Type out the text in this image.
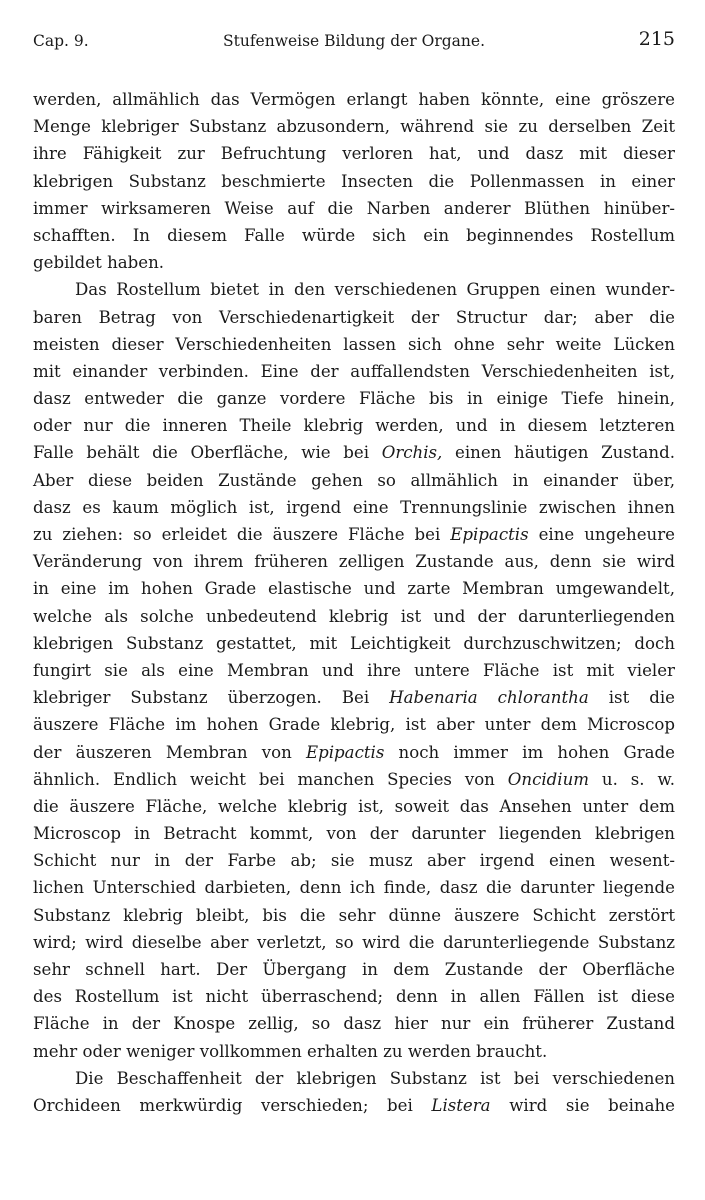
Cap. 9.	Stufenweise Bildung der Organe.	215
werden, allmählich das Vermögen erlangt haben könnte, eine gröszere
Menge klebriger Substanz abzusondern, während sie zu derselben Zeit
ihre Fähigkeit zur Befruchtung verloren hat, und dasz mit dieser
klebrigen Substanz beschmierte Insecten die Pollenmassen in einer
immer wirksameren Weise auf die Narben anderer Blüthen hinüber-
schafften. In diesem Falle würde sich ein beginnendes Rostellum
gebildet haben.
Das Rostellum bietet in den verschiedenen Gruppen einen wunder-
baren Betrag von Verschiedenartigkeit der Structur dar; aber die
meisten dieser Verschiedenheiten lassen sich ohne sehr weite Lücken
mit einander verbinden. Eine der auffallendsten Verschiedenheiten ist,
dasz entweder die ganze vordere Fläche bis in einige Tiefe hinein,
oder nur die inneren Theile klebrig werden, und in diesem letzteren
Falle behält die Oberfläche, wie bei Orchis, einen häutigen Zustand.
Aber diese beiden Zustände gehen so allmählich in einander über,
dasz es kaum möglich ist, irgend eine Trennungslinie zwischen ihnen
zu ziehen: so erleidet die äuszere Fläche bei Epipactis eine ungeheure
Veränderung von ihrem früheren zelligen Zustande aus, denn sie wird
in eine im hohen Grade elastische und zarte Membran umgewandelt,
welche als solche unbedeutend klebrig ist und der darunterliegenden
klebrigen Substanz gestattet, mit Leichtigkeit durchzuschwitzen; doch
fungirt sie als eine Membran und ihre untere Fläche ist mit vieler
klebriger Substanz überzogen. Bei Habenaria chlorantha ist die
äuszere Fläche im hohen Grade klebrig, ist aber unter dem Microscop
der äuszeren Membran von Epipactis noch immer im hohen Grade
ähnlich. Endlich weicht bei manchen Species von Oncidium u. s. w.
die äuszere Fläche, welche klebrig ist, soweit das Ansehen unter dem
Microscop in Betracht kommt, von der darunter liegenden klebrigen
Schicht nur in der Farbe ab; sie musz aber irgend einen wesent-
lichen Unterschied darbieten, denn ich finde, dasz die darunter liegende
Substanz klebrig bleibt, bis die sehr dünne äuszere Schicht zerstört
wird; wird dieselbe aber verletzt, so wird die darunterliegende Substanz
sehr schnell hart. Der Übergang in dem Zustande der Oberfläche
des Rostellum ist nicht überraschend; denn in allen Fällen ist diese
Fläche in der Knospe zellig, so dasz hier nur ein früherer Zustand
mehr oder weniger vollkommen erhalten zu werden braucht.
Die Beschaffenheit der klebrigen Substanz ist bei verschiedenen
Orchideen merkwürdig verschieden; bei Listera wird sie beinahe
